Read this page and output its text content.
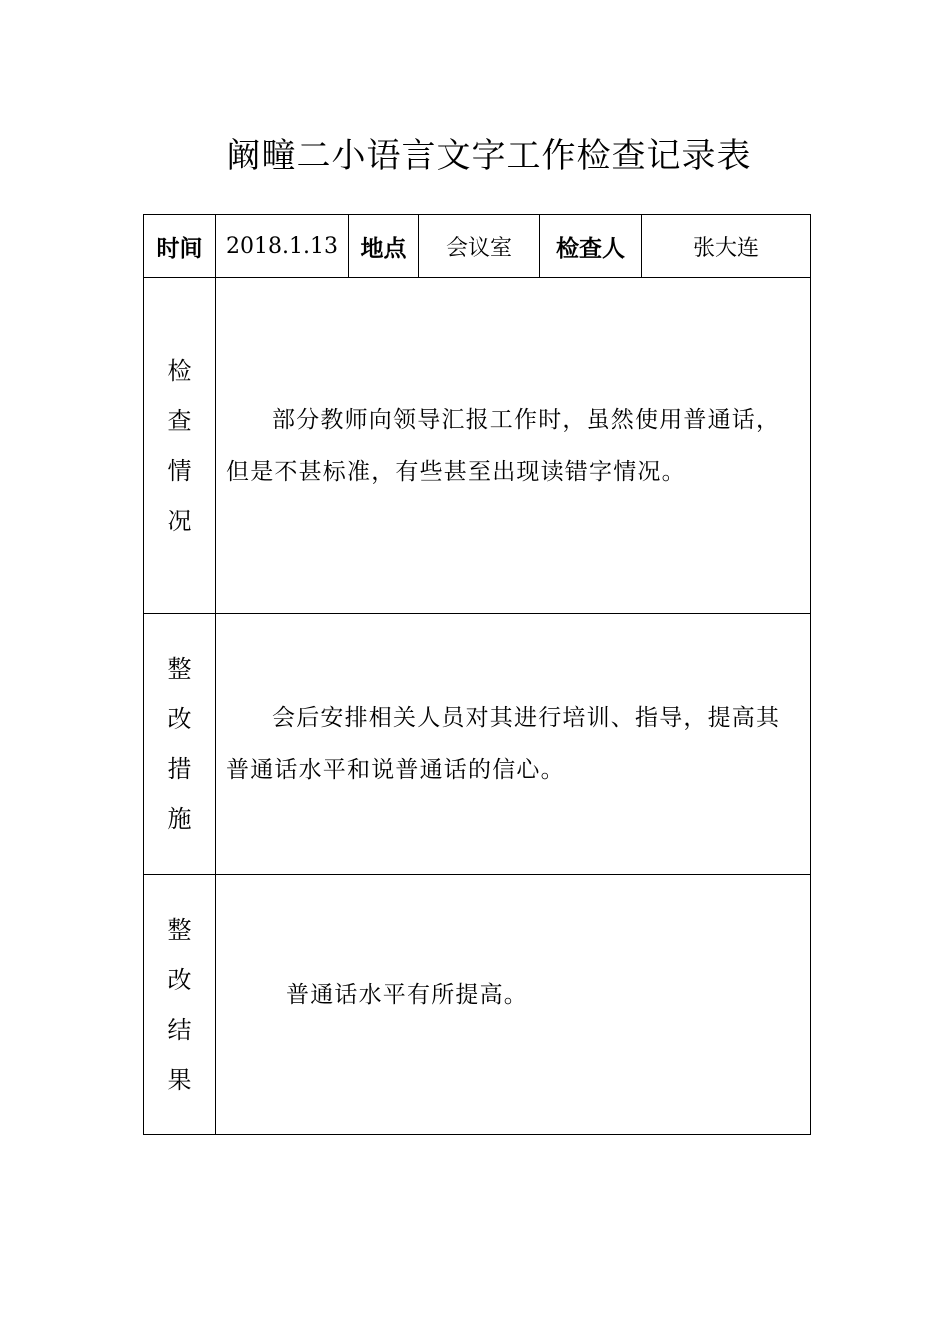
阚疃二小语言文字工作检查记录表
时间	2018.1.13	地点	会议室	检查人	张大连

检
查
情
况	部分教师向领导汇报工作时，虽然使用普通话，但是不甚标准，有些甚至出现读错字情况。				

整
改
措
施	会后安排相关人员对其进行培训、指导，提高其普通话水平和说普通话的信心。				

整
改
结
果	普通话水平有所提高。				
